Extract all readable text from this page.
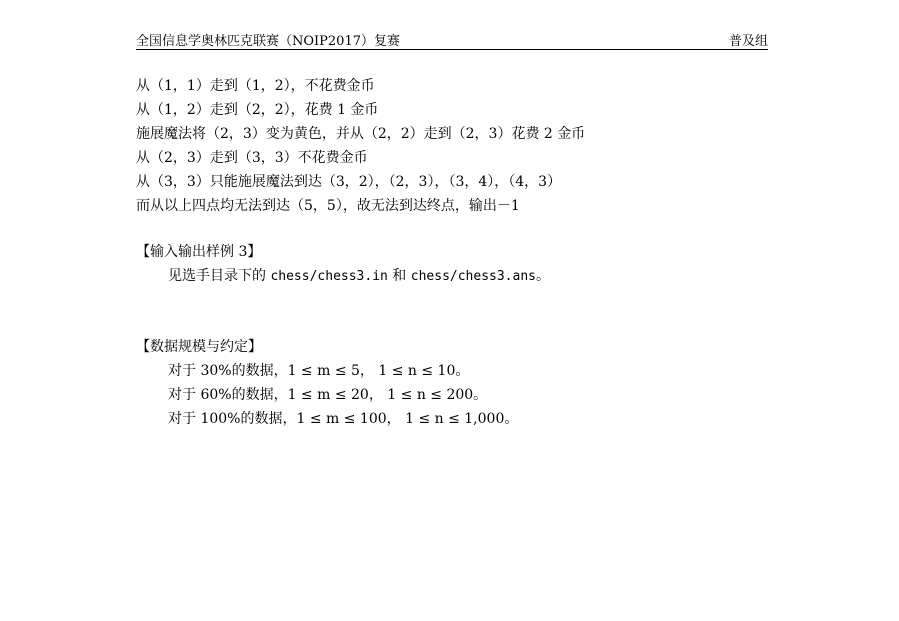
全国信息学奥林匹克联赛（NOIP2017）复赛	普及组
从（1，1）走到（1，2），不花费金币
从（1，2）走到（2，2），花费 1 金币
施展魔法将（2，3）变为黄色，并从（2，2）走到（2，3）花费 2 金币
从（2，3）走到（3，3）不花费金币
从（3，3）只能施展魔法到达（3，2），（2，3），（3，4），（4，3）
而从以上四点均无法到达（5，5），故无法到达终点，输出－1
【输入输出样例 3】
见选手目录下的 chess/chess3.in 和 chess/chess3.ans。
【数据规模与约定】
对于 30%的数据，1 ≤ m ≤ 5， 1 ≤ n ≤ 10。
对于 60%的数据，1 ≤ m ≤ 20， 1 ≤ n ≤ 200。
对于 100%的数据，1 ≤ m ≤ 100， 1 ≤ n ≤ 1,000。
